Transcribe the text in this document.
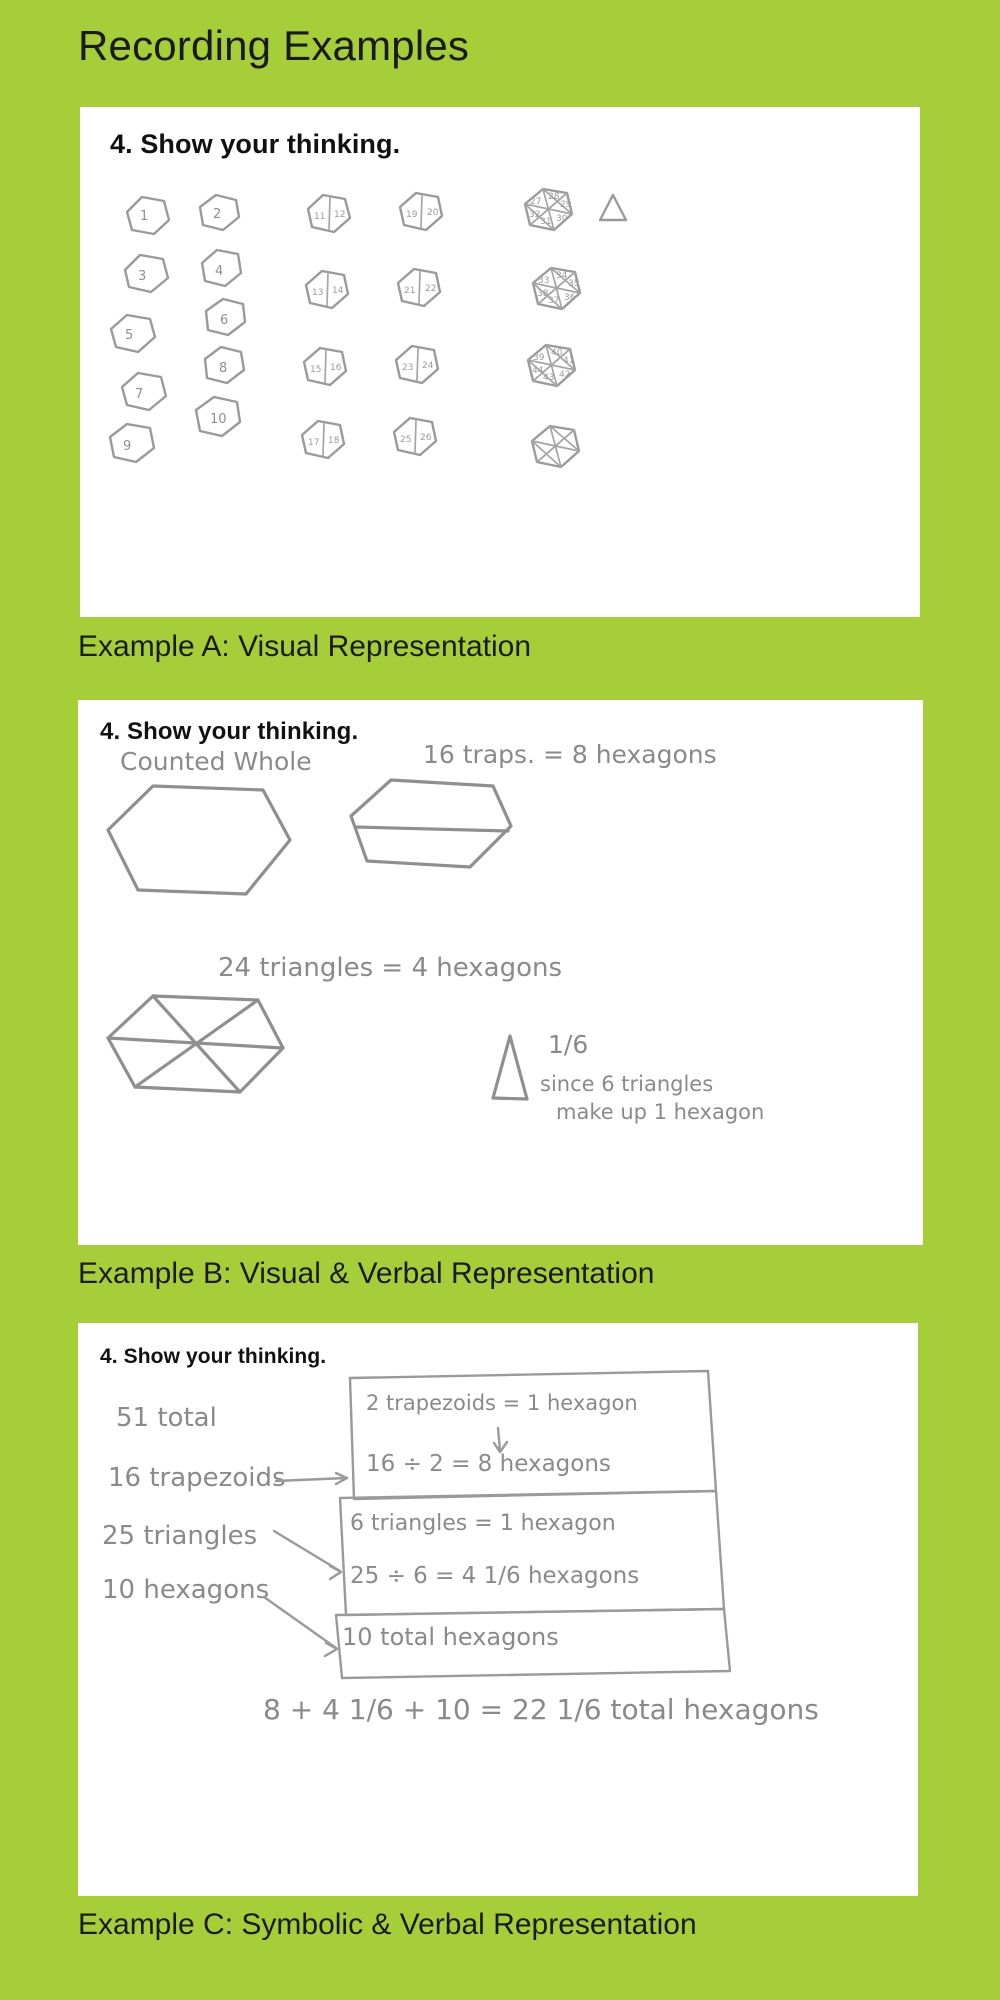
Recording Examples
4. Show your thinking.
1	2
3	4
6
5
8
7
10
9
11 12
13 14
15 16
17 18
19 20
21 22
23 24
25 26
27 28
29
30
31
32
33 34
35
36
37
38
39 40
41
42
43
44
Example A: Visual Representation
4. Show your thinking.
Counted Whole	16 traps. = 8 hexagons
24 triangles = 4 hexagons
1/6
since 6 triangles
make up 1 hexagon
Example B: Visual & Verbal Representation
4. Show your thinking.
51 total
16 trapezoids
25 triangles
10 hexagons
2 trapezoids = 1 hexagon
16 ÷ 2 = 8 hexagons
6 triangles = 1 hexagon
25 ÷ 6 = 4 1/6 hexagons
10 total hexagons
8 + 4 1/6 + 10 = 22 1/6 total hexagons
Example C: Symbolic & Verbal Representation
